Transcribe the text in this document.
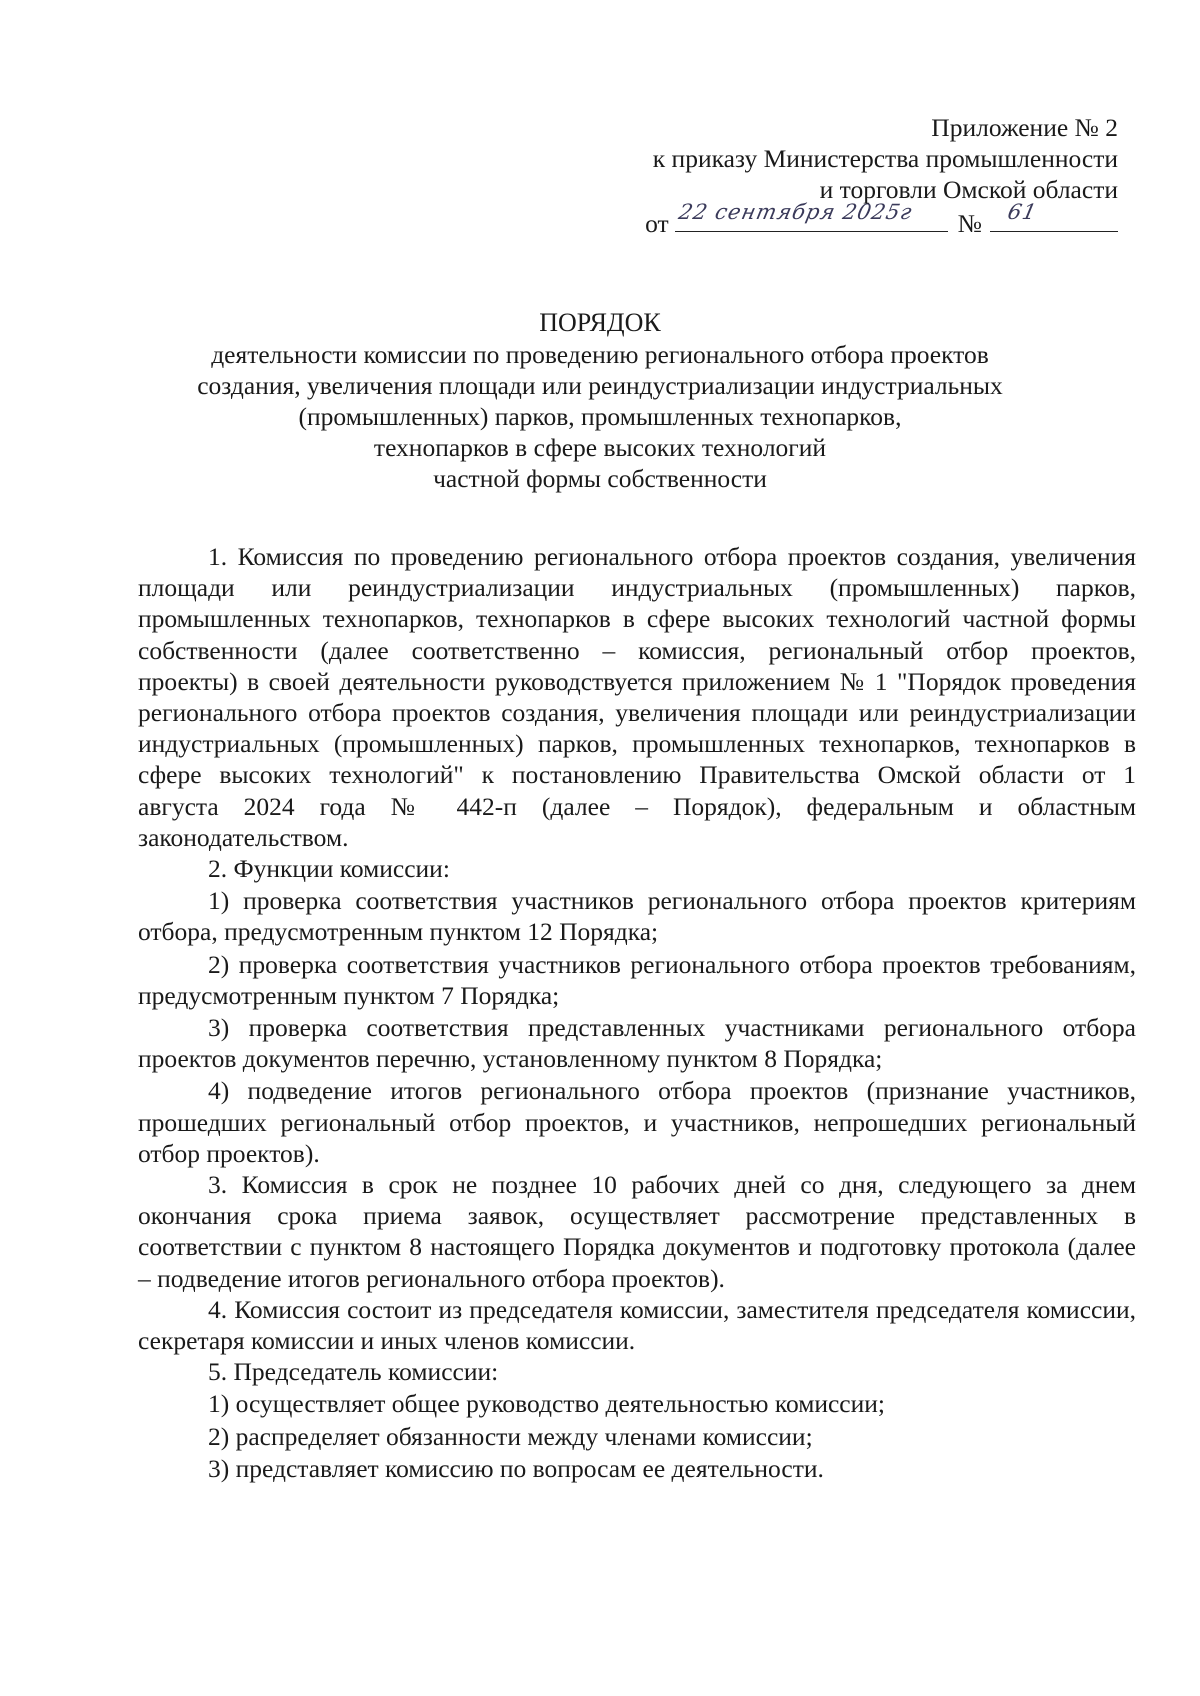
Приложение № 2
к приказу Министерства промышленности
и торговли Омской области
от 22 сентября 2025г № 61
ПОРЯДОК
деятельности комиссии по проведению регионального отбора проектов
создания, увеличения площади или реиндустриализации индустриальных
(промышленных) парков, промышленных технопарков,
технопарков в сфере высоких технологий
частной формы собственности

1. Комиссия по проведению регионального отбора проектов создания, увеличения площади или реиндустриализации индустриальных (промышленных) парков, промышленных технопарков, технопарков в сфере высоких технологий частной формы собственности (далее соответственно – комиссия, региональный отбор проектов, проекты) в своей деятельности руководствуется приложением № 1 "Порядок проведения регионального отбора проектов создания, увеличения площади или реиндустриализации индустриальных (промышленных) парков, промышленных технопарков, технопарков в сфере высоких технологий" к постановлению Правительства Омской области от 1 августа 2024 года № 442-п (далее – Порядок), федеральным и областным законодательством.

2. Функции комиссии:

1) проверка соответствия участников регионального отбора проектов критериям отбора, предусмотренным пунктом 12 Порядка;

2) проверка соответствия участников регионального отбора проектов требованиям, предусмотренным пунктом 7 Порядка;

3) проверка соответствия представленных участниками регионального отбора проектов документов перечню, установленному пунктом 8 Порядка;

4) подведение итогов регионального отбора проектов (признание участников, прошедших региональный отбор проектов, и участников, непрошедших региональный отбор проектов).

3. Комиссия в срок не позднее 10 рабочих дней со дня, следующего за днем окончания срока приема заявок, осуществляет рассмотрение представленных в соответствии с пунктом 8 настоящего Порядка документов и подготовку протокола (далее – подведение итогов регионального отбора проектов).

4. Комиссия состоит из председателя комиссии, заместителя председателя комиссии, секретаря комиссии и иных членов комиссии.

5. Председатель комиссии:

1) осуществляет общее руководство деятельностью комиссии;

2) распределяет обязанности между членами комиссии;

3) представляет комиссию по вопросам ее деятельности.
